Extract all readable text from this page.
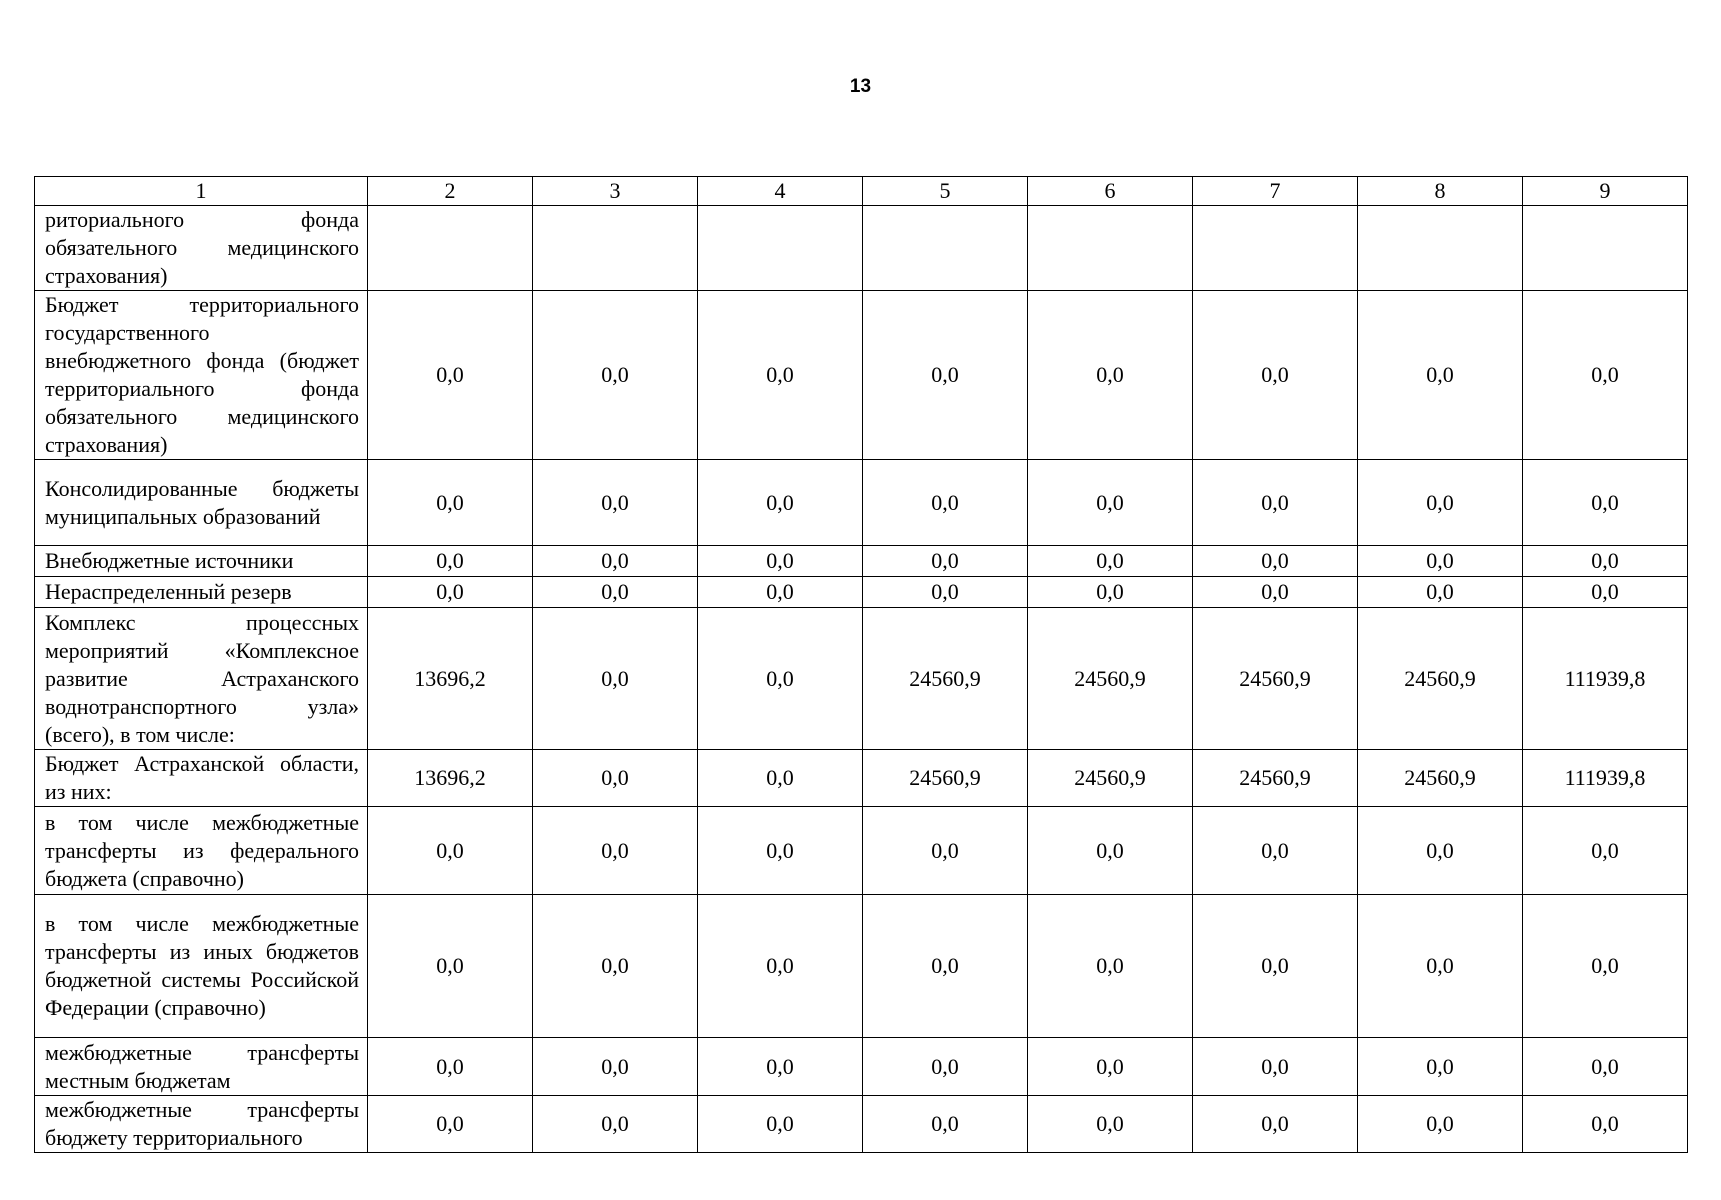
13
1	2	3	4	5	6	7	8	9
риториального фонда обязательного медицинского страхования)								
Бюджет территориального государственного внебюджетного фонда (бюджет территориального фонда обязательного медицинского страхования)	0,0	0,0	0,0	0,0	0,0	0,0	0,0	0,0
Консолидированные бюджеты муниципальных образований	0,0	0,0	0,0	0,0	0,0	0,0	0,0	0,0
Внебюджетные источники	0,0	0,0	0,0	0,0	0,0	0,0	0,0	0,0
Нераспределенный резерв	0,0	0,0	0,0	0,0	0,0	0,0	0,0	0,0
Комплекс процессных мероприятий «Комплексное развитие Астраханского воднотранспортного узла» (всего), в том числе:	13696,2	0,0	0,0	24560,9	24560,9	24560,9	24560,9	111939,8
Бюджет Астраханской области, из них:	13696,2	0,0	0,0	24560,9	24560,9	24560,9	24560,9	111939,8
в том числе межбюджетные трансферты из федерального бюджета (справочно)	0,0	0,0	0,0	0,0	0,0	0,0	0,0	0,0
в том числе межбюджетные трансферты из иных бюджетов бюджетной системы Российской Федерации (справочно)	0,0	0,0	0,0	0,0	0,0	0,0	0,0	0,0
межбюджетные трансферты местным бюджетам	0,0	0,0	0,0	0,0	0,0	0,0	0,0	0,0
межбюджетные трансферты бюджету территориального	0,0	0,0	0,0	0,0	0,0	0,0	0,0	0,0
